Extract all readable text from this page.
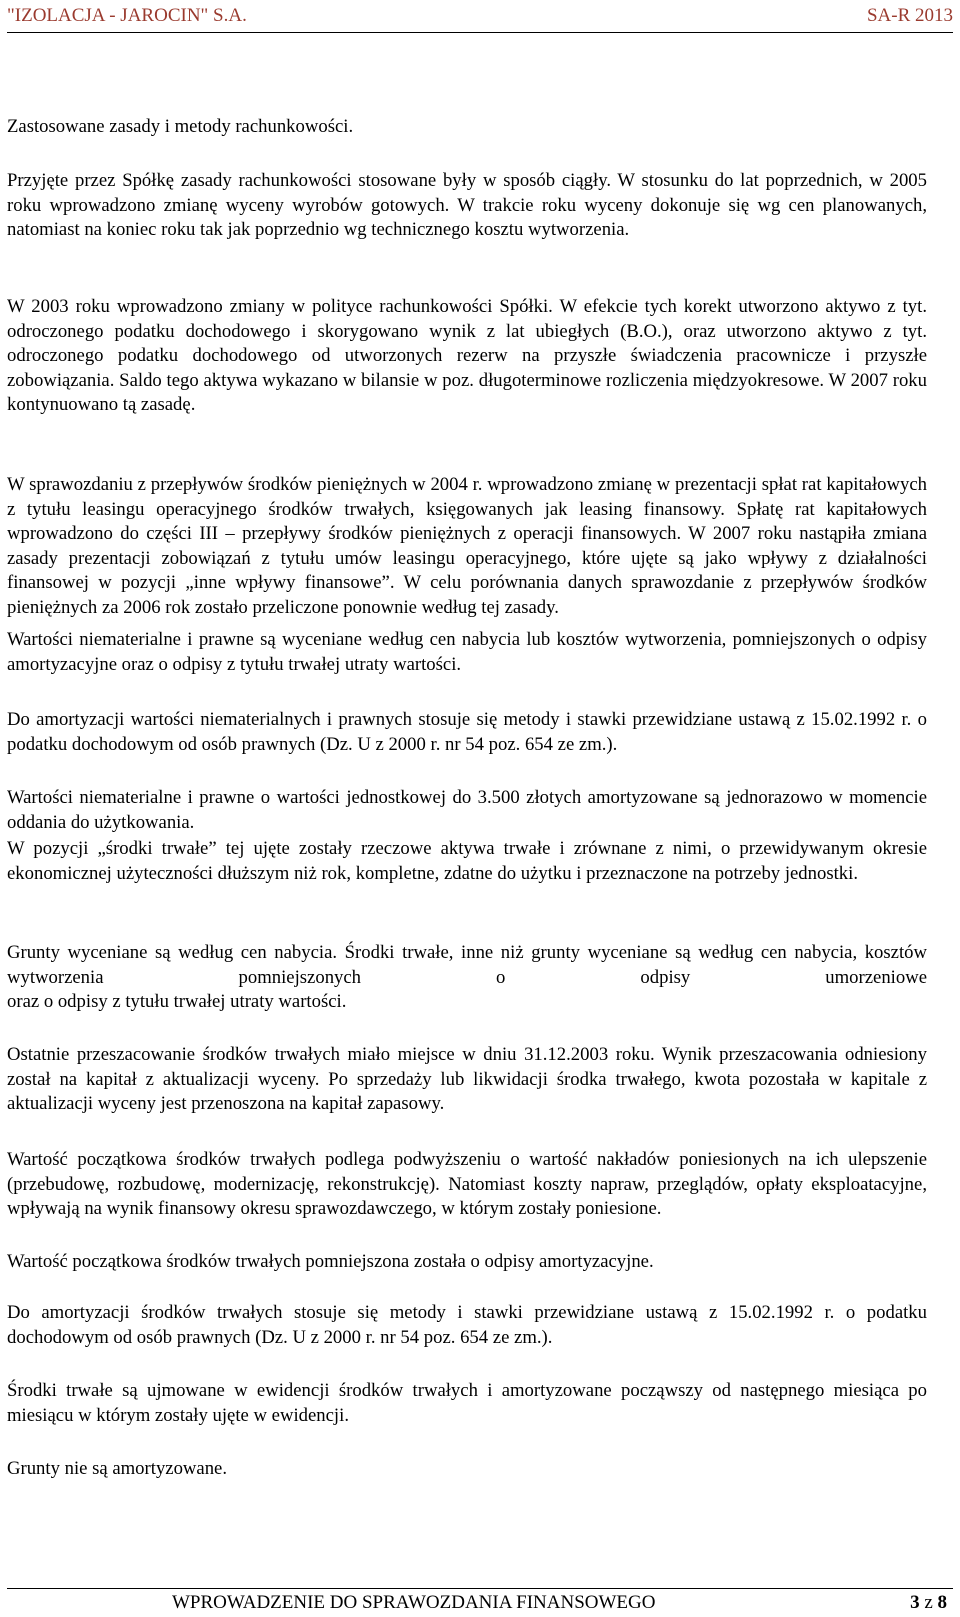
"IZOLACJA - JAROCIN" S.A.	SA-R 2013

Zastosowane zasady i metody rachunkowości.

Przyjęte przez Spółkę zasady rachunkowości stosowane były w sposób ciągły. W stosunku do lat poprzednich, w 2005 roku wprowadzono zmianę wyceny wyrobów gotowych. W trakcie roku wyceny dokonuje się wg cen planowanych, natomiast na koniec roku tak jak poprzednio wg technicznego kosztu wytworzenia.

W 2003 roku wprowadzono zmiany w polityce rachunkowości Spółki. W efekcie tych korekt utworzono aktywo z tyt. odroczonego podatku dochodowego i skorygowano wynik z lat ubiegłych (B.O.), oraz utworzono aktywo z tyt. odroczonego podatku dochodowego od utworzonych rezerw na przyszłe świadczenia pracownicze i przyszłe zobowiązania. Saldo tego aktywa wykazano w bilansie w poz. długoterminowe rozliczenia międzyokresowe. W 2007 roku kontynuowano tą zasadę.

W sprawozdaniu z przepływów środków pieniężnych w 2004 r. wprowadzono zmianę w prezentacji spłat rat kapitałowych z tytułu leasingu operacyjnego środków trwałych, księgowanych jak leasing finansowy. Spłatę rat kapitałowych wprowadzono do części III – przepływy środków pieniężnych z operacji finansowych. W 2007 roku nastąpiła zmiana zasady prezentacji zobowiązań z tytułu umów leasingu operacyjnego, które ujęte są jako wpływy z działalności finansowej w pozycji „inne wpływy finansowe”. W celu porównania danych sprawozdanie z przepływów środków pieniężnych za 2006 rok zostało przeliczone ponownie według tej zasady.

Wartości niematerialne i prawne są wyceniane według cen nabycia lub kosztów wytworzenia, pomniejszonych o odpisy amortyzacyjne oraz o odpisy z tytułu trwałej utraty wartości.

Do amortyzacji wartości niematerialnych i prawnych stosuje się metody i stawki przewidziane ustawą z 15.02.1992 r. o podatku dochodowym od osób prawnych (Dz. U z 2000 r. nr 54 poz. 654 ze zm.).

Wartości niematerialne i prawne o wartości jednostkowej do 3.500 złotych amortyzowane są jednorazowo w momencie oddania do użytkowania.

W pozycji „środki trwałe” tej ujęte zostały rzeczowe aktywa trwałe i zrównane z nimi, o przewidywanym okresie ekonomicznej użyteczności dłuższym niż rok, kompletne, zdatne do użytku i przeznaczone na potrzeby jednostki.

Grunty wyceniane są według cen nabycia. Środki trwałe, inne niż grunty wyceniane są według cen nabycia, kosztów wytworzenia pomniejszonych o odpisy umorzeniowe

oraz o odpisy z tytułu trwałej utraty wartości.

Ostatnie przeszacowanie środków trwałych miało miejsce w dniu 31.12.2003 roku. Wynik przeszacowania odniesiony został na kapitał z aktualizacji wyceny. Po sprzedaży lub likwidacji środka trwałego, kwota pozostała w kapitale z aktualizacji wyceny jest przenoszona na kapitał zapasowy.

Wartość początkowa środków trwałych podlega podwyższeniu o wartość nakładów poniesionych na ich ulepszenie (przebudowę, rozbudowę, modernizację, rekonstrukcję). Natomiast koszty napraw, przeglądów, opłaty eksploatacyjne, wpływają na wynik finansowy okresu sprawozdawczego, w którym zostały poniesione.

Wartość początkowa środków trwałych pomniejszona została o odpisy amortyzacyjne.

Do amortyzacji środków trwałych stosuje się metody i stawki przewidziane ustawą z 15.02.1992 r. o podatku dochodowym od osób prawnych (Dz. U z 2000 r. nr 54 poz. 654 ze zm.).

Środki trwałe są ujmowane w ewidencji środków trwałych i amortyzowane począwszy od następnego miesiąca po miesiącu w którym zostały ujęte w ewidencji.

Grunty nie są amortyzowane.

WPROWADZENIE DO SPRAWOZDANIA FINANSOWEGO	3 z 8
